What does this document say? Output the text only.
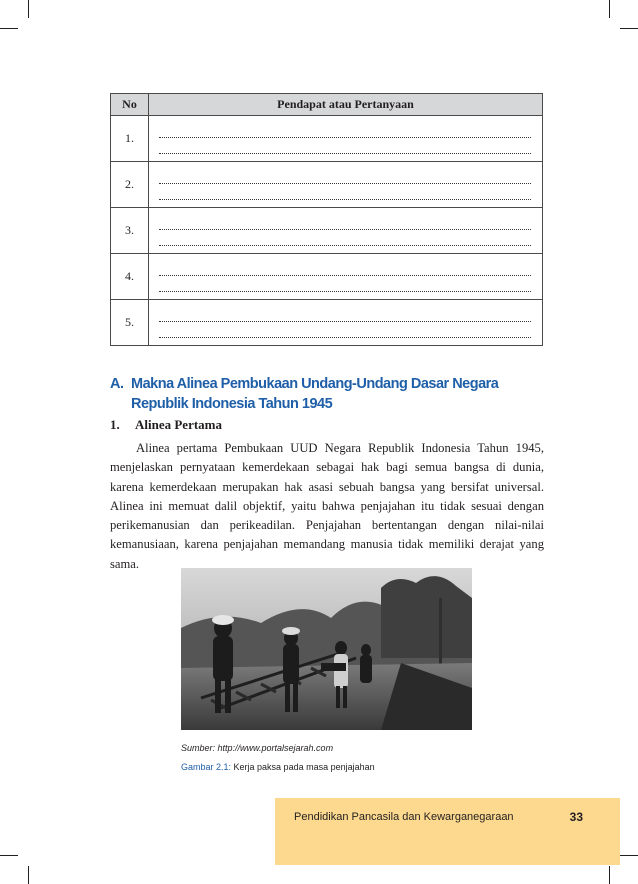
No	Pendapat atau Pertanyaan
1.	

2.	

3.	

4.	

5.	
A. Makna Alinea Pembukaan Undang-Undang Dasar Negara Republik Indonesia Tahun 1945
1. Alinea Pertama

Alinea pertama Pembukaan UUD Negara Republik Indonesia Tahun 1945, menjelaskan pernyataan kemerdekaan sebagai hak bagi semua bangsa di dunia, karena kemerdekaan merupakan hak asasi sebuah bangsa yang bersifat universal. Alinea ini memuat dalil objektif, yaitu bahwa penjajahan itu tidak sesuai dengan perikemanusian dan perikeadilan. Penjajahan bertentangan dengan nilai-nilai kemanusiaan, karena penjajahan memandang manusia tidak memiliki derajat yang sama.

Sumber: http://www.portalsejarah.com
Gambar 2.1: Kerja paksa pada masa penjajahan
Pendidikan Pancasila dan Kewarganegaraan	33
